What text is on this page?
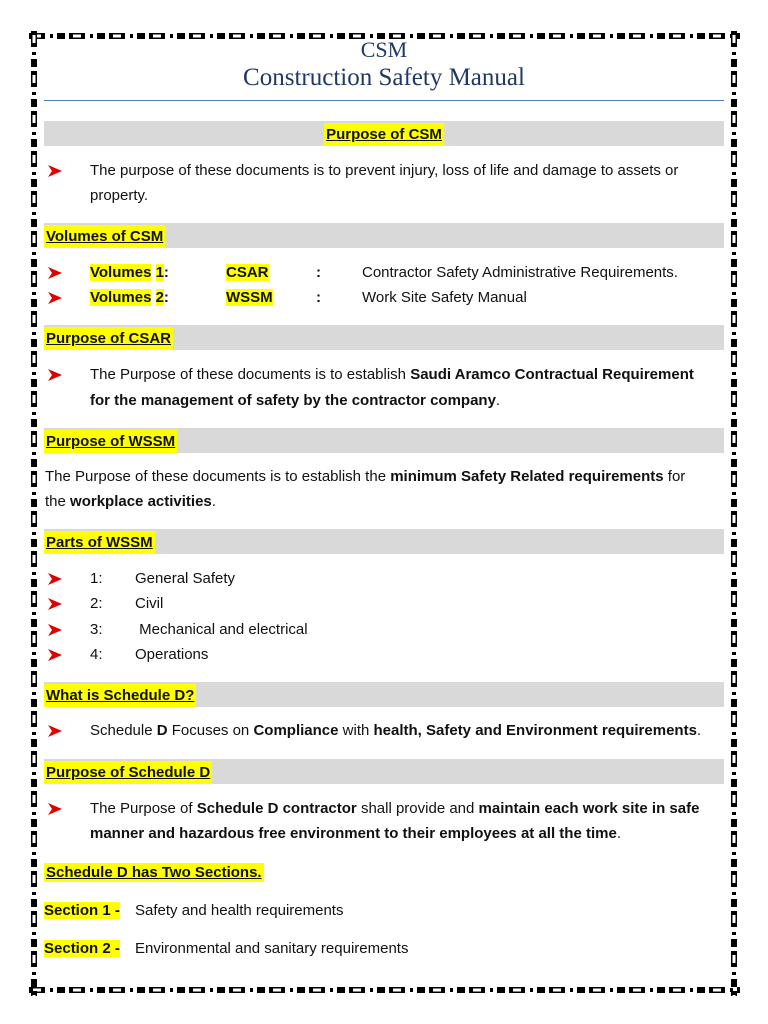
CSM
Construction Safety Manual
Purpose of CSM
The purpose of these documents is to prevent injury, loss of life and damage to assets or
property.
Volumes of CSM
Volumes 1:	CSAR	:	Contractor Safety Administrative Requirements.
Volumes 2:	WSSM	:	Work Site Safety Manual
Purpose of CSAR
The Purpose of these documents is to establish Saudi Aramco Contractual Requirement
for the management of safety by the contractor company.
Purpose of WSSM
The Purpose of these documents is to establish the minimum Safety Related requirements for
the workplace activities.
Parts of WSSM
1: General Safety
2: Civil
3: Mechanical and electrical
4: Operations
What is Schedule D?
Schedule D Focuses on Compliance with health, Safety and Environment requirements.
Purpose of Schedule D
The Purpose of Schedule D contractor shall provide and maintain each work site in safe
manner and hazardous free environment to their employees at all the time.
Schedule D has Two Sections.
Section 1 - Safety and health requirements
Section 2 - Environmental and sanitary requirements
